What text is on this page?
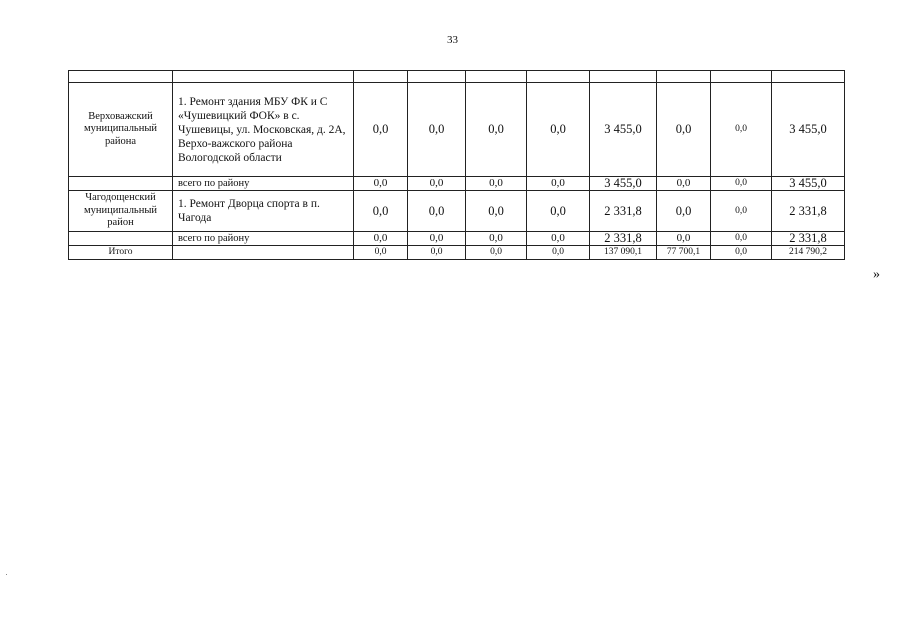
33

Верховажский муниципальный района	1. Ремонт здания МБУ ФК и С «Чушевицкий ФОК» в с. Чушевицы, ул. Московская, д. 2А, Верхо-важского района Вологодской области	0,0	0,0	0,0	0,0	3 455,0	0,0	0,0	3 455,0
	всего по району	0,0	0,0	0,0	0,0	3 455,0	0,0	0,0	3 455,0
Чагодощенский муниципальный район	1. Ремонт Дворца спорта в п. Чагода	0,0	0,0	0,0	0,0	2 331,8	0,0	0,0	2 331,8
	всего по району	0,0	0,0	0,0	0,0	2 331,8	0,0	0,0	2 331,8
Итого		0,0	0,0	0,0	0,0	137 090,1	77 700,1	0,0	214 790,2
»
